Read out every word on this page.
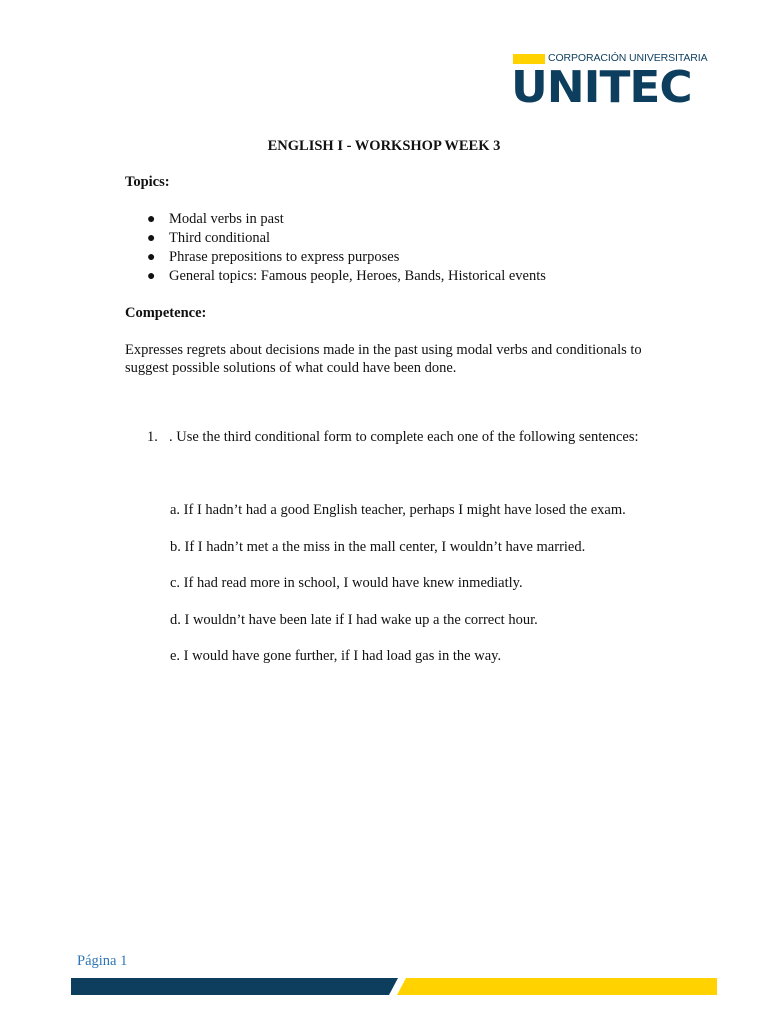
CORPORACIÓN UNIVERSITARIA
UNITEC
ENGLISH I - WORKSHOP WEEK 3
Topics:
● Modal verbs in past
● Third conditional
● Phrase prepositions to express purposes
● General topics: Famous people, Heroes, Bands, Historical events
Competence:
Expresses regrets about decisions made in the past using modal verbs and conditionals to suggest possible solutions of what could have been done.
1. . Use the third conditional form to complete each one of the following sentences:
a. If I hadn’t had a good English teacher, perhaps I might have losed the exam.
b. If I hadn’t met a the miss in the mall center, I wouldn’t have married.
c. If had read more in school, I would have knew inmediatly.
d. I wouldn’t have been late if I had wake up a the correct hour.
e. I would have gone further, if I had load gas in the way.
Página 1
